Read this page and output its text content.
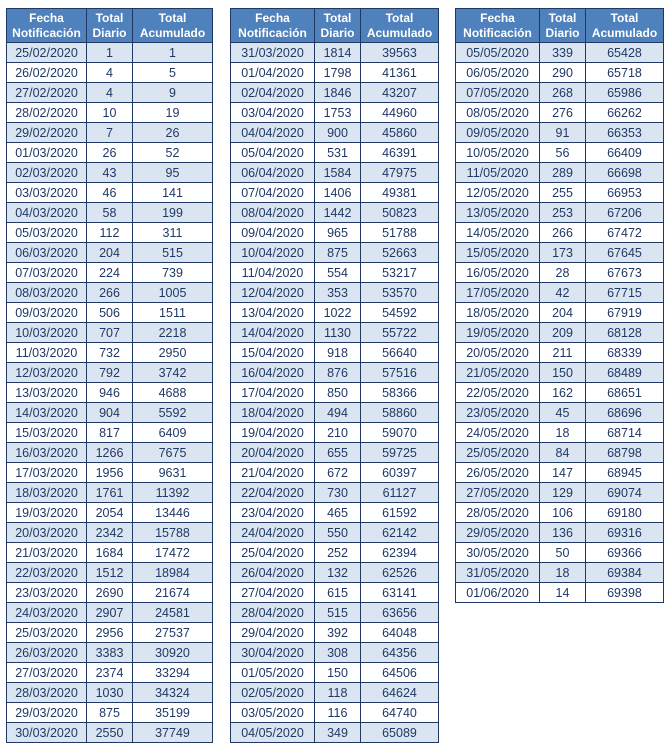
Fecha Notificación	Total Diario	Total Acumulado
25/02/2020	1	1
26/02/2020	4	5
27/02/2020	4	9
28/02/2020	10	19
29/02/2020	7	26
01/03/2020	26	52
02/03/2020	43	95
03/03/2020	46	141
04/03/2020	58	199
05/03/2020	112	311
06/03/2020	204	515
07/03/2020	224	739
08/03/2020	266	1005
09/03/2020	506	1511
10/03/2020	707	2218
11/03/2020	732	2950
12/03/2020	792	3742
13/03/2020	946	4688
14/03/2020	904	5592
15/03/2020	817	6409
16/03/2020	1266	7675
17/03/2020	1956	9631
18/03/2020	1761	11392
19/03/2020	2054	13446
20/03/2020	2342	15788
21/03/2020	1684	17472
22/03/2020	1512	18984
23/03/2020	2690	21674
24/03/2020	2907	24581
25/03/2020	2956	27537
26/03/2020	3383	30920
27/03/2020	2374	33294
28/03/2020	1030	34324
29/03/2020	875	35199
30/03/2020	2550	37749
Fecha Notificación	Total Diario	Total Acumulado
31/03/2020	1814	39563
01/04/2020	1798	41361
02/04/2020	1846	43207
03/04/2020	1753	44960
04/04/2020	900	45860
05/04/2020	531	46391
06/04/2020	1584	47975
07/04/2020	1406	49381
08/04/2020	1442	50823
09/04/2020	965	51788
10/04/2020	875	52663
11/04/2020	554	53217
12/04/2020	353	53570
13/04/2020	1022	54592
14/04/2020	1130	55722
15/04/2020	918	56640
16/04/2020	876	57516
17/04/2020	850	58366
18/04/2020	494	58860
19/04/2020	210	59070
20/04/2020	655	59725
21/04/2020	672	60397
22/04/2020	730	61127
23/04/2020	465	61592
24/04/2020	550	62142
25/04/2020	252	62394
26/04/2020	132	62526
27/04/2020	615	63141
28/04/2020	515	63656
29/04/2020	392	64048
30/04/2020	308	64356
01/05/2020	150	64506
02/05/2020	118	64624
03/05/2020	116	64740
04/05/2020	349	65089
Fecha Notificación	Total Diario	Total Acumulado
05/05/2020	339	65428
06/05/2020	290	65718
07/05/2020	268	65986
08/05/2020	276	66262
09/05/2020	91	66353
10/05/2020	56	66409
11/05/2020	289	66698
12/05/2020	255	66953
13/05/2020	253	67206
14/05/2020	266	67472
15/05/2020	173	67645
16/05/2020	28	67673
17/05/2020	42	67715
18/05/2020	204	67919
19/05/2020	209	68128
20/05/2020	211	68339
21/05/2020	150	68489
22/05/2020	162	68651
23/05/2020	45	68696
24/05/2020	18	68714
25/05/2020	84	68798
26/05/2020	147	68945
27/05/2020	129	69074
28/05/2020	106	69180
29/05/2020	136	69316
30/05/2020	50	69366
31/05/2020	18	69384
01/06/2020	14	69398
